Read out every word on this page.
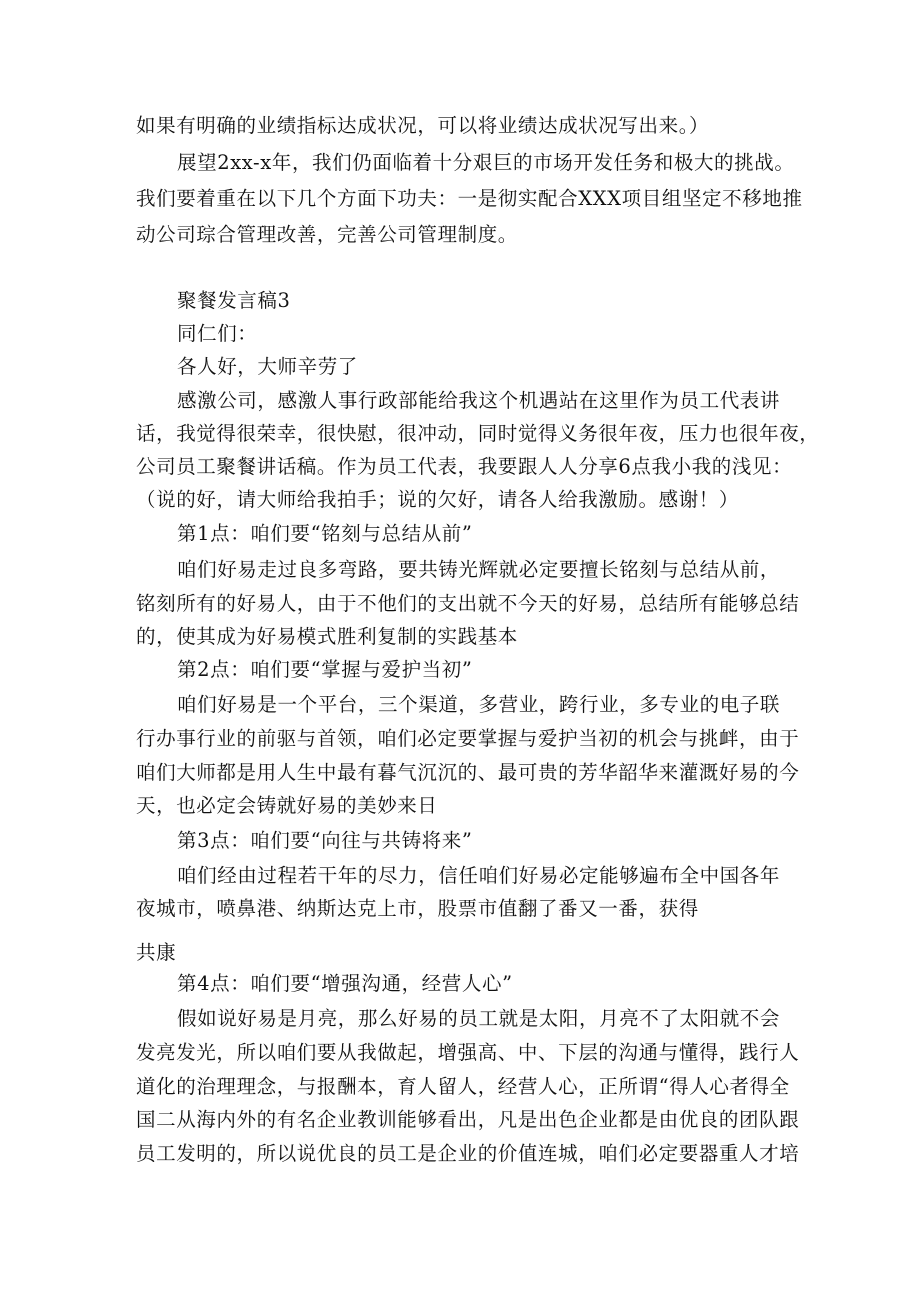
如果有明确的业绩指标达成状况，可以将业绩达成状况写出来。）
展望2xx-x年，我们仍面临着十分艰巨的市场开发任务和极大的挑战。
我们要着重在以下几个方面下功夫：一是彻实配合XXX项目组坚定不移地推
动公司琮合管理改善，完善公司管理制度。
聚餐发言稿3
同仁们：
各人好，大师辛劳了
感激公司，感激人事行政部能给我这个机遇站在这里作为员工代表讲
话，我觉得很荣幸，很快慰，很冲动，同时觉得义务很年夜，压力也很年夜，
公司员工聚餐讲话稿。作为员工代表，我要跟人人分享6点我小我的浅见：
（说的好，请大师给我拍手；说的欠好，请各人给我激励。感谢！）
第1点：咱们要“铭刻与总结从前”
咱们好易走过良多弯路，要共铸光辉就必定要擅长铭刻与总结从前，
铭刻所有的好易人，由于不他们的支出就不今天的好易，总结所有能够总结
的，使其成为好易模式胜利复制的实践基本
第2点：咱们要“掌握与爱护当初”
咱们好易是一个平台，三个渠道，多营业，跨行业，多专业的电子联
行办事行业的前驱与首领，咱们必定要掌握与爱护当初的机会与挑衅，由于
咱们大师都是用人生中最有暮气沉沉的、最可贵的芳华韶华来灌溉好易的今
天，也必定会铸就好易的美妙来日
第3点：咱们要“向往与共铸将来”
咱们经由过程若干年的尽力，信任咱们好易必定能够遍布全中国各年
夜城市，喷鼻港、纳斯达克上市，股票市值翻了番又一番，获得
共康
第4点：咱们要“增强沟通，经营人心”
假如说好易是月亮，那么好易的员工就是太阳，月亮不了太阳就不会
发亮发光，所以咱们要从我做起，增强高、中、下层的沟通与懂得，践行人
道化的治理理念，与报酬本，育人留人，经营人心，正所谓“得人心者得全
国二从海内外的有名企业教训能够看出，凡是出色企业都是由优良的团队跟
员工发明的，所以说优良的员工是企业的价值连城，咱们必定要器重人才培
